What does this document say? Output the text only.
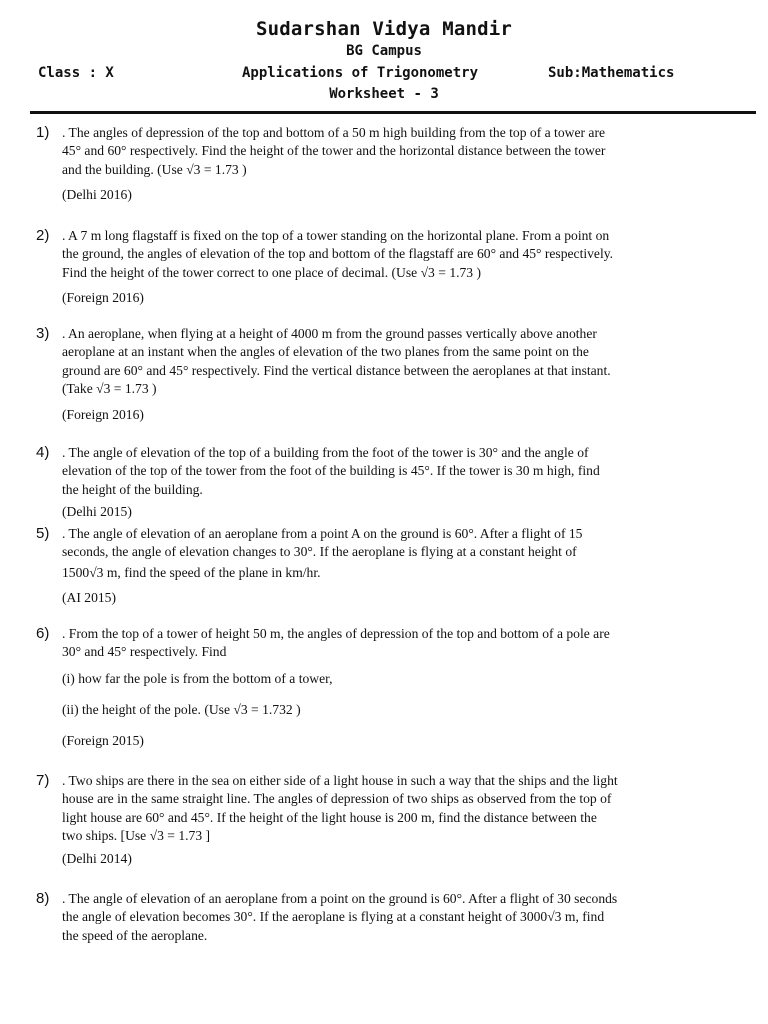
Sudarshan Vidya Mandir
BG Campus
Class : X	Applications of Trigonometry	Sub:Mathematics
Worksheet - 3
1) . The angles of depression of the top and bottom of a 50 m high building from the top of a tower are
45° and 60° respectively. Find the height of the tower and the horizontal distance between the tower
and the building. (Use √3 = 1.73 )
(Delhi 2016)
2) . A 7 m long flagstaff is fixed on the top of a tower standing on the horizontal plane. From a point on
the ground, the angles of elevation of the top and bottom of the flagstaff are 60° and 45° respectively.
Find the height of the tower correct to one place of decimal. (Use √3 = 1.73 )
(Foreign 2016)
3) . An aeroplane, when flying at a height of 4000 m from the ground passes vertically above another
aeroplane at an instant when the angles of elevation of the two planes from the same point on the
ground are 60° and 45° respectively. Find the vertical distance between the aeroplanes at that instant.
(Take √3 = 1.73 )
(Foreign 2016)
4) . The angle of elevation of the top of a building from the foot of the tower is 30° and the angle of
elevation of the top of the tower from the foot of the building is 45°. If the tower is 30 m high, find
the height of the building.
(Delhi 2015)
5) . The angle of elevation of an aeroplane from a point A on the ground is 60°. After a flight of 15
seconds, the angle of elevation changes to 30°. If the aeroplane is flying at a constant height of
1500√3 m, find the speed of the plane in km/hr.
(AI 2015)
6) . From the top of a tower of height 50 m, the angles of depression of the top and bottom of a pole are
30° and 45° respectively. Find
(i) how far the pole is from the bottom of a tower,
(ii) the height of the pole. (Use √3 = 1.732 )
(Foreign 2015)
7) . Two ships are there in the sea on either side of a light house in such a way that the ships and the light
house are in the same straight line. The angles of depression of two ships as observed from the top of
light house are 60° and 45°. If the height of the light house is 200 m, find the distance between the
two ships. [Use √3 = 1.73 ]
(Delhi 2014)
8) . The angle of elevation of an aeroplane from a point on the ground is 60°. After a flight of 30 seconds
the angle of elevation becomes 30°. If the aeroplane is flying at a constant height of 3000√3 m, find
the speed of the aeroplane.
